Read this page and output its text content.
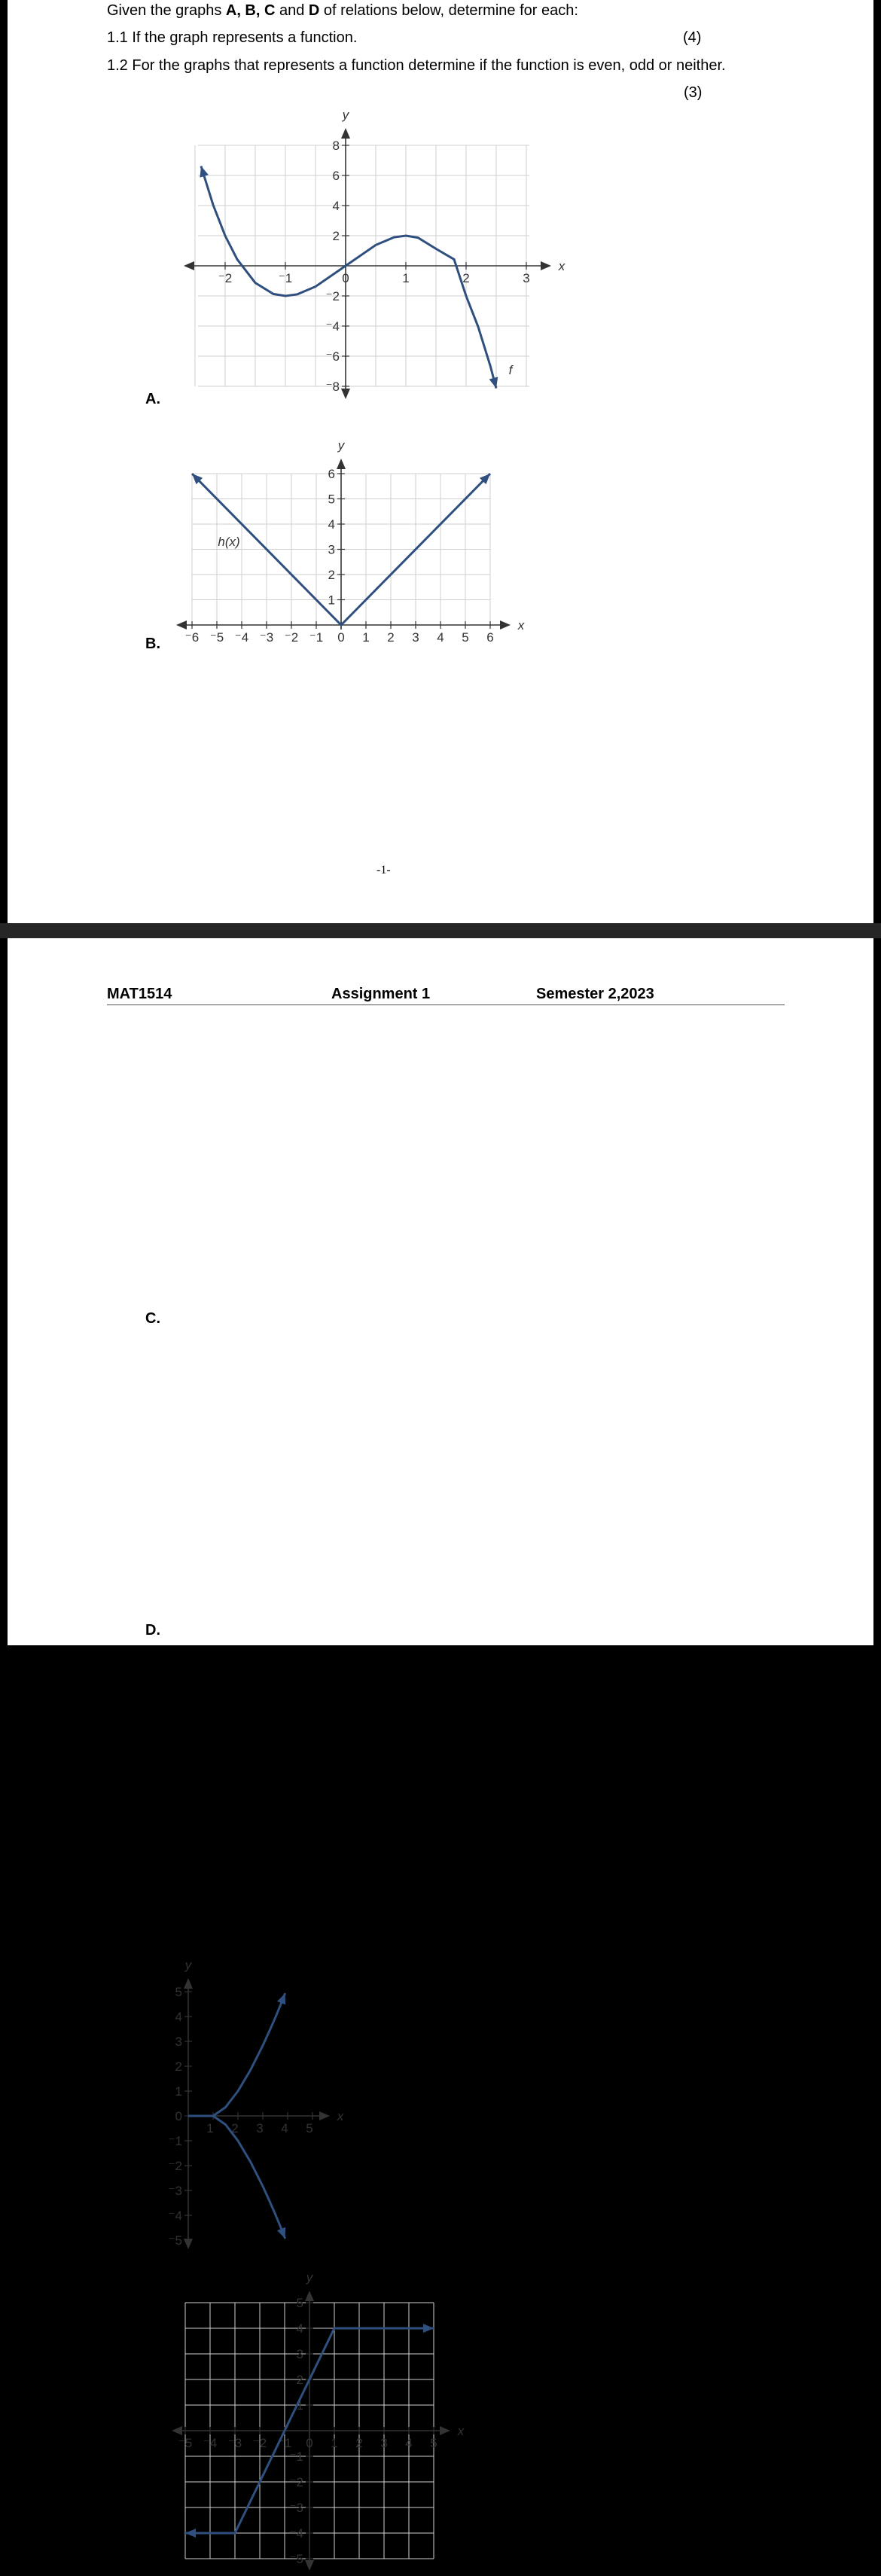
Given the graphs A, B, C and D of relations below, determine for each:
1.1 If the graph represents a function.	(4)
1.2 For the graphs that represents a function determine if the function is even, odd or neither.
(3)
x
y
⁻2	⁻1	0	1	2	3
8
6
4
2
⁻2
⁻4
⁻6
⁻8
f
A.
x
y
⁻6 ⁻5 ⁻4 ⁻3 ⁻2 ⁻1 0 1 2 3 4 5 6
1
2
3
4
5
6
h(x)
B.
-1-
MAT1514	Assignment 1	Semester 2,2023
x
y
1 2 3 4 5
5
4
3
2
1
0
⁻1
⁻2
⁻3
⁻4
⁻5
C.
x
y
⁻5 ⁻4 ⁻3 ⁻2 ⁻1 0 1 2 3 4 5
5
4
3
2
1
⁻1
⁻2
⁻3
⁻4
⁻5
D.
